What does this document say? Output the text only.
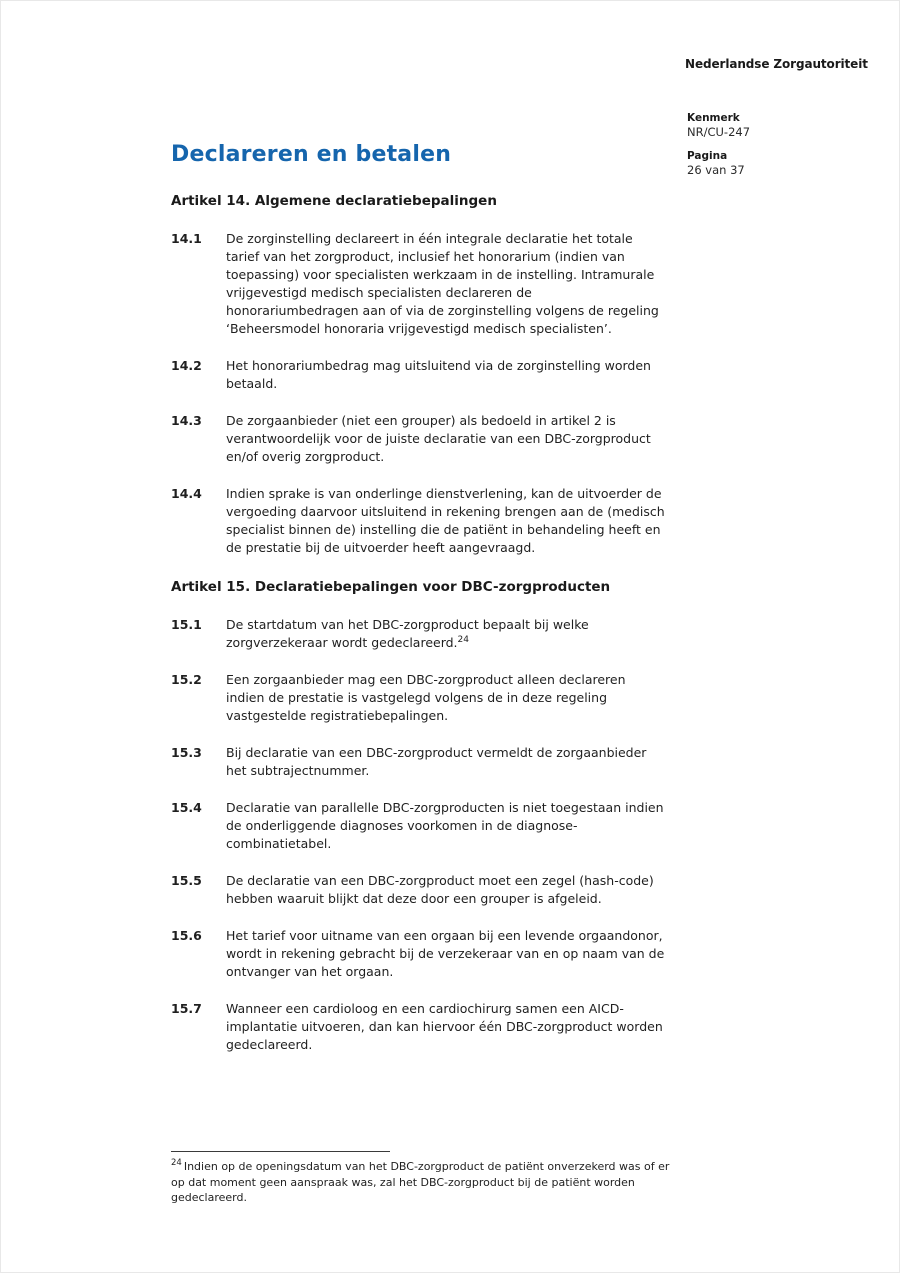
Nederlandse Zorgautoriteit
Kenmerk
NR/CU-247
Pagina
26 van 37
Declareren en betalen
Artikel 14. Algemene declaratiebepalingen
14.1	De zorginstelling declareert in één integrale declaratie het totale tarief van het zorgproduct, inclusief het honorarium (indien van toepassing) voor specialisten werkzaam in de instelling. Intramurale vrijgevestigd medisch specialisten declareren de honorariumbedragen aan of via de zorginstelling volgens de regeling ‘Beheersmodel honoraria vrijgevestigd medisch specialisten’.
14.2	Het honorariumbedrag mag uitsluitend via de zorginstelling worden betaald.
14.3	De zorgaanbieder (niet een grouper) als bedoeld in artikel 2 is verantwoordelijk voor de juiste declaratie van een DBC-zorgproduct en/of overig zorgproduct.
14.4	Indien sprake is van onderlinge dienstverlening, kan de uitvoerder de vergoeding daarvoor uitsluitend in rekening brengen aan de (medisch specialist binnen de) instelling die de patiënt in behandeling heeft en de prestatie bij de uitvoerder heeft aangevraagd.
Artikel 15. Declaratiebepalingen voor DBC-zorgproducten
15.1	De startdatum van het DBC-zorgproduct bepaalt bij welke zorgverzekeraar wordt gedeclareerd.$^{24}$
15.2	Een zorgaanbieder mag een DBC-zorgproduct alleen declareren indien de prestatie is vastgelegd volgens de in deze regeling vastgestelde registratiebepalingen.
15.3	Bij declaratie van een DBC-zorgproduct vermeldt de zorgaanbieder het subtrajectnummer.
15.4	Declaratie van parallelle DBC-zorgproducten is niet toegestaan indien de onderliggende diagnoses voorkomen in de diagnose-combinatietabel.
15.5	De declaratie van een DBC-zorgproduct moet een zegel (hash-code) hebben waaruit blijkt dat deze door een grouper is afgeleid.
15.6	Het tarief voor uitname van een orgaan bij een levende orgaandonor, wordt in rekening gebracht bij de verzekeraar van en op naam van de ontvanger van het orgaan.
15.7	Wanneer een cardioloog en een cardiochirurg samen een AICD-implantatie uitvoeren, dan kan hiervoor één DBC-zorgproduct worden gedeclareerd.

$^{24}$ Indien op de openingsdatum van het DBC-zorgproduct de patiënt onverzekerd was of er op dat moment geen aanspraak was, zal het DBC-zorgproduct bij de patiënt worden gedeclareerd.
